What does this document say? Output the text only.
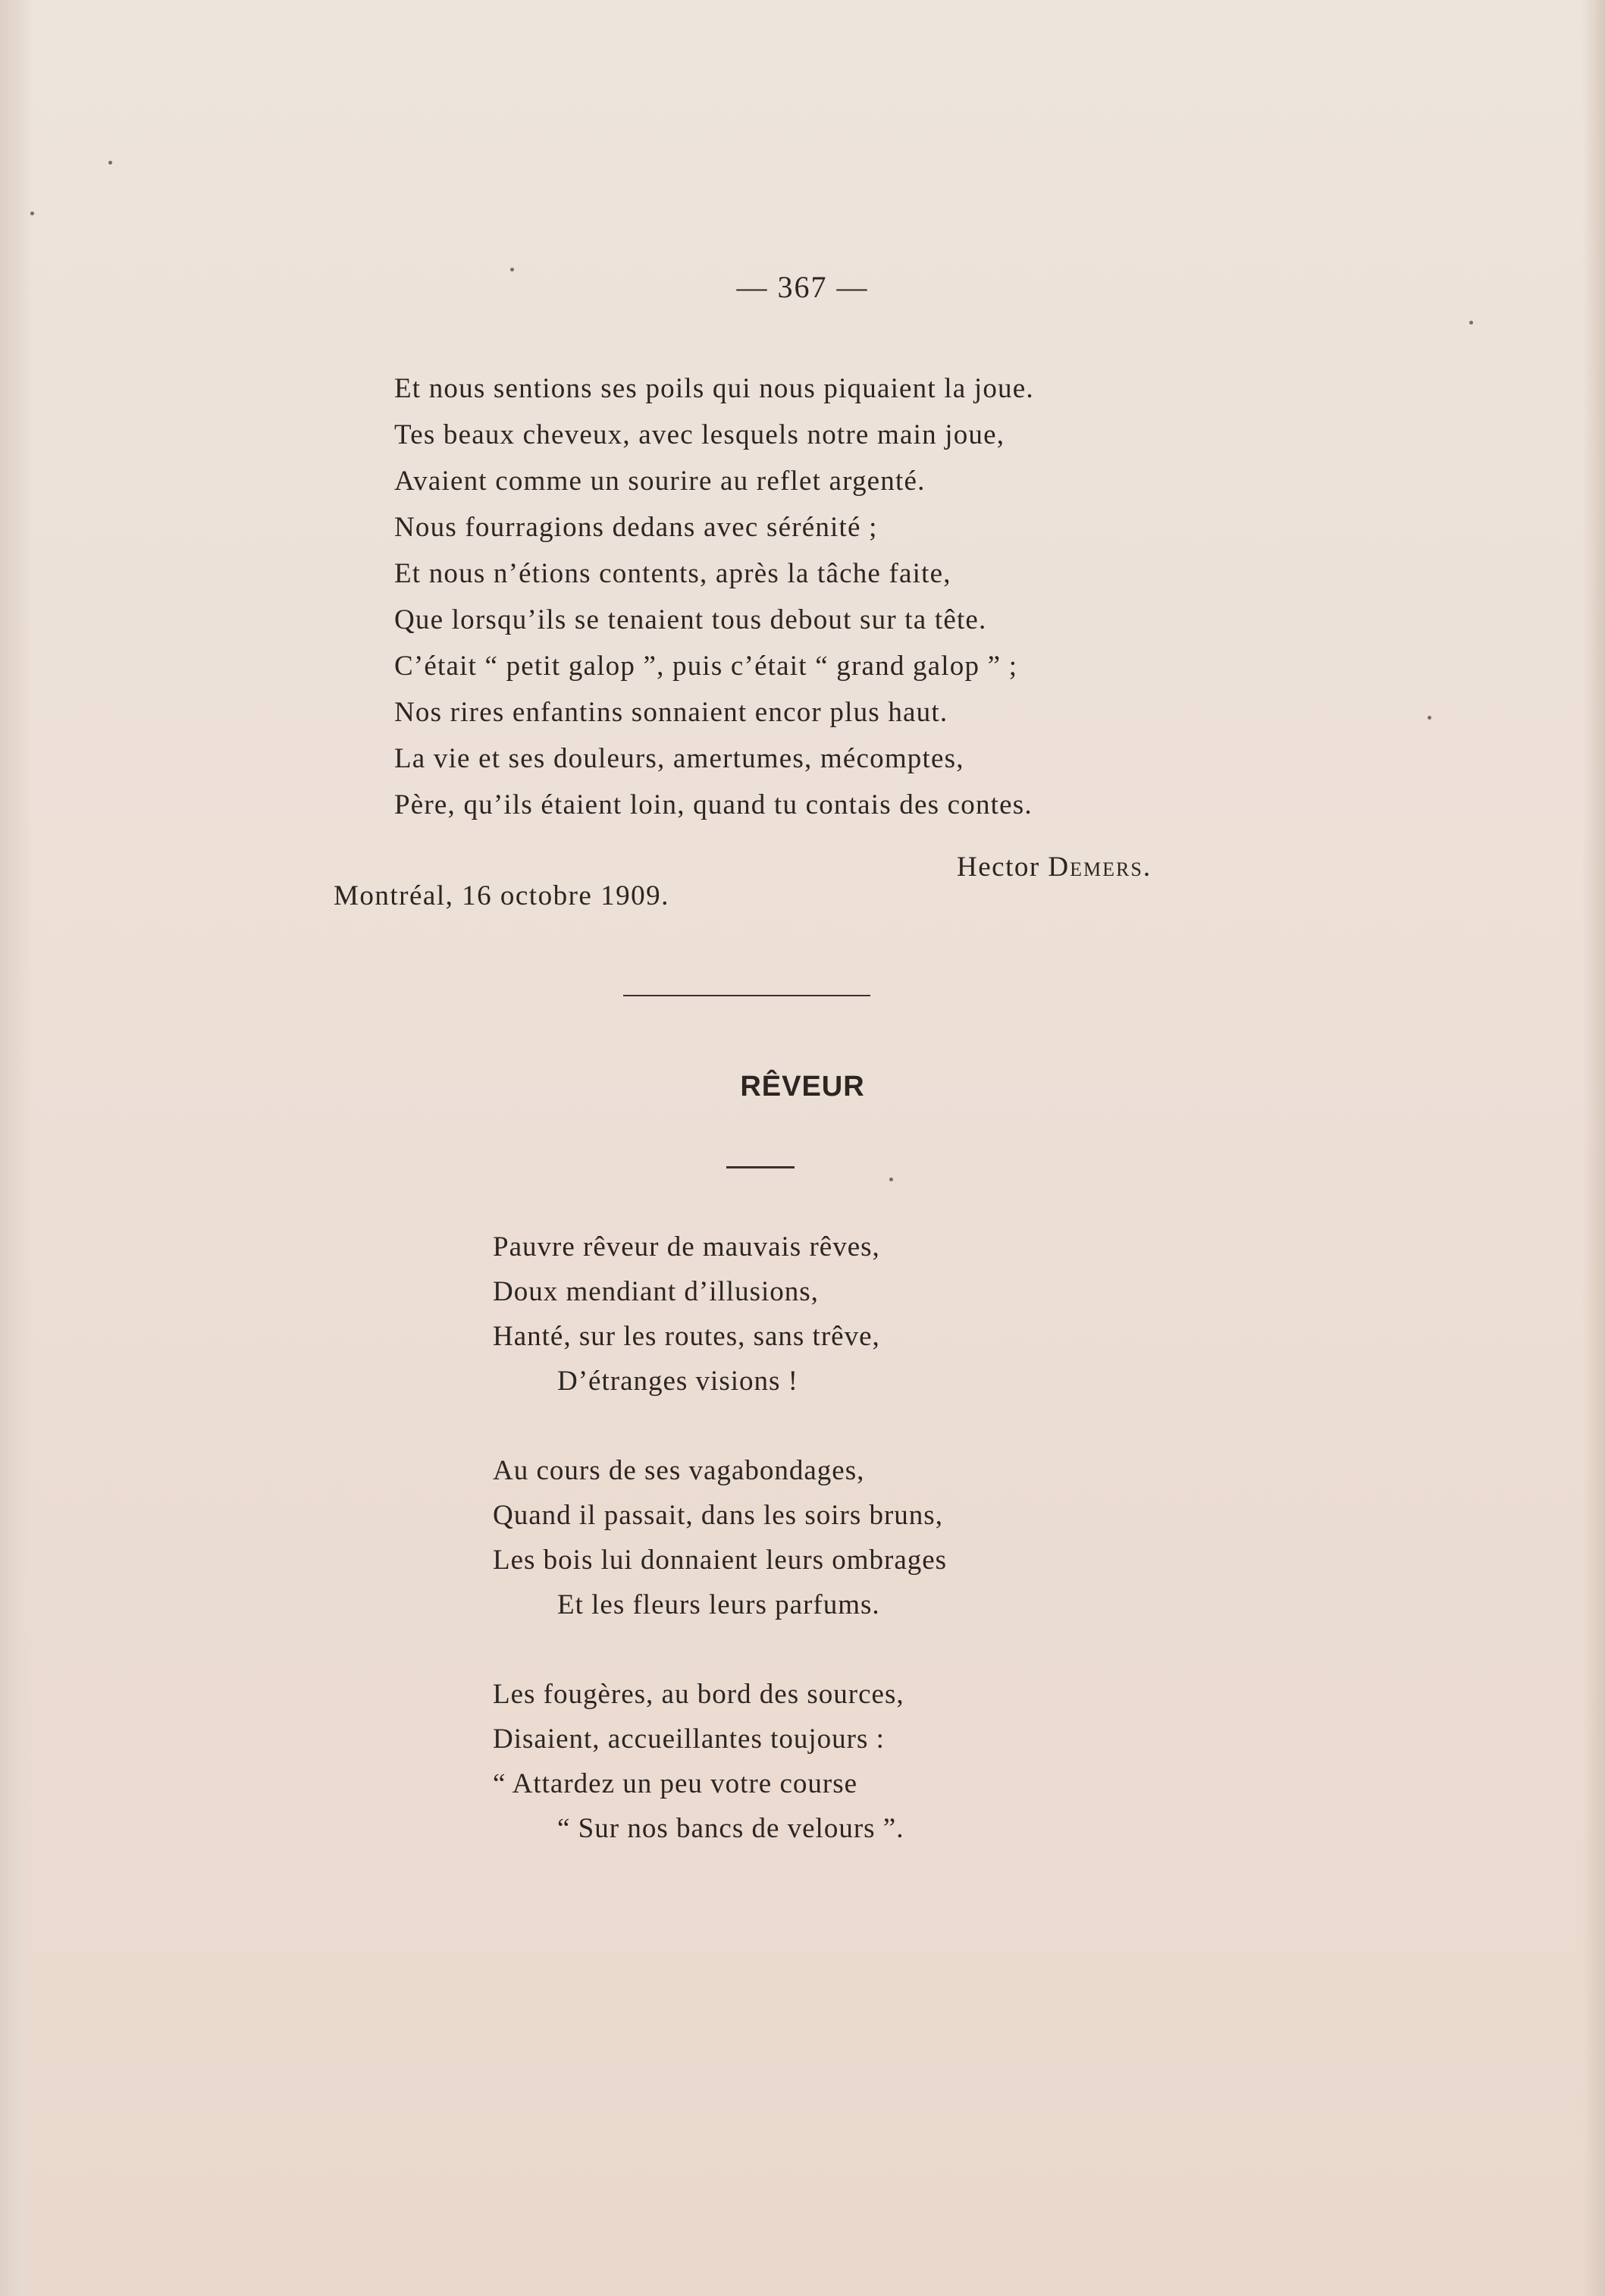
— 367 —
Et nous sentions ses poils qui nous piquaient la joue.
Tes beaux cheveux, avec lesquels notre main joue,
Avaient comme un sourire au reflet argenté.
Nous fourragions dedans avec sérénité ;
Et nous n’étions contents, après la tâche faite,
Que lorsqu’ils se tenaient tous debout sur ta tête.
C’était “ petit galop ”, puis c’était “ grand galop ” ;
Nos rires enfantins sonnaient encor plus haut.
La vie et ses douleurs, amertumes, mécomptes,
Père, qu’ils étaient loin, quand tu contais des contes.
Hector Demers.
Montréal, 16 octobre 1909.
RÊVEUR
Pauvre rêveur de mauvais rêves,
Doux mendiant d’illusions,
Hanté, sur les routes, sans trêve,
D’étranges visions !
Au cours de ses vagabondages,
Quand il passait, dans les soirs bruns,
Les bois lui donnaient leurs ombrages
Et les fleurs leurs parfums.
Les fougères, au bord des sources,
Disaient, accueillantes toujours :
“ Attardez un peu votre course
“ Sur nos bancs de velours ”.
